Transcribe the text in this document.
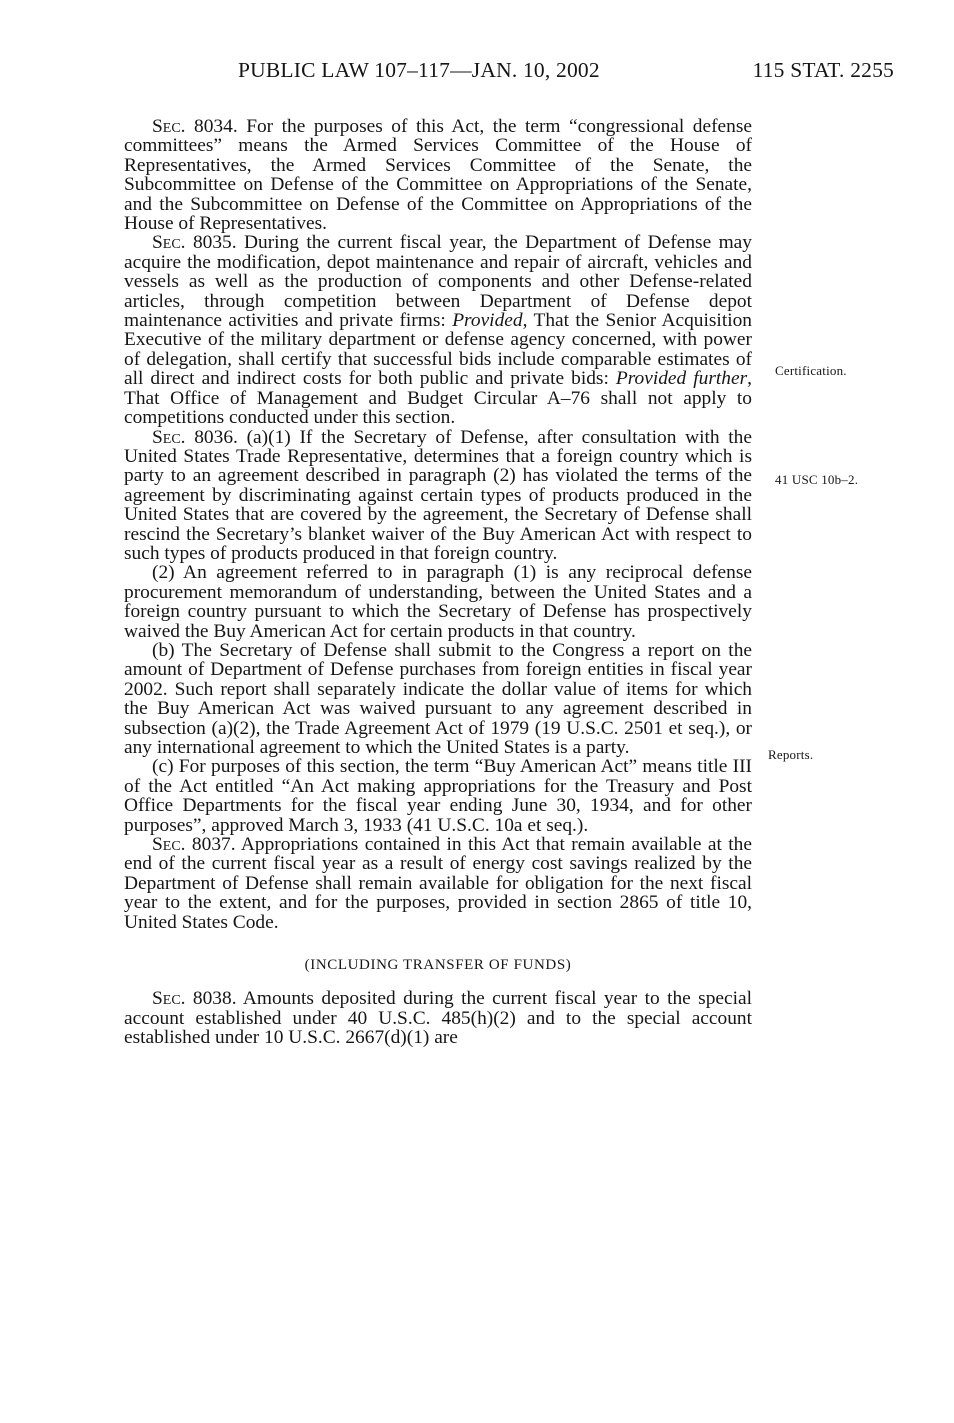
PUBLIC LAW 107–117—JAN. 10, 2002	115 STAT. 2255

Sec. 8034. For the purposes of this Act, the term “congressional defense committees” means the Armed Services Committee of the House of Representatives, the Armed Services Committee of the Senate, the Subcommittee on Defense of the Committee on Appropriations of the Senate, and the Subcommittee on Defense of the Committee on Appropriations of the House of Representatives.

Sec. 8035. During the current fiscal year, the Department of Defense may acquire the modification, depot maintenance and repair of aircraft, vehicles and vessels as well as the production of components and other Defense-related articles, through competition between Department of Defense depot maintenance activities and private firms: Provided, That the Senior Acquisition Executive of the military department or defense agency concerned, with power of delegation, shall certify that successful bids include comparable estimates of all direct and indirect costs for both public and private bids: Provided further, That Office of Management and Budget Circular A–76 shall not apply to competitions conducted under this section.

Sec. 8036. (a)(1) If the Secretary of Defense, after consultation with the United States Trade Representative, determines that a foreign country which is party to an agreement described in paragraph (2) has violated the terms of the agreement by discriminating against certain types of products produced in the United States that are covered by the agreement, the Secretary of Defense shall rescind the Secretary’s blanket waiver of the Buy American Act with respect to such types of products produced in that foreign country.

(2) An agreement referred to in paragraph (1) is any reciprocal defense procurement memorandum of understanding, between the United States and a foreign country pursuant to which the Secretary of Defense has prospectively waived the Buy American Act for certain products in that country.

(b) The Secretary of Defense shall submit to the Congress a report on the amount of Department of Defense purchases from foreign entities in fiscal year 2002. Such report shall separately indicate the dollar value of items for which the Buy American Act was waived pursuant to any agreement described in subsection (a)(2), the Trade Agreement Act of 1979 (19 U.S.C. 2501 et seq.), or any international agreement to which the United States is a party.

(c) For purposes of this section, the term “Buy American Act” means title III of the Act entitled “An Act making appropriations for the Treasury and Post Office Departments for the fiscal year ending June 30, 1934, and for other purposes”, approved March 3, 1933 (41 U.S.C. 10a et seq.).

Sec. 8037. Appropriations contained in this Act that remain available at the end of the current fiscal year as a result of energy cost savings realized by the Department of Defense shall remain available for obligation for the next fiscal year to the extent, and for the purposes, provided in section 2865 of title 10, United States Code.

(INCLUDING TRANSFER OF FUNDS)

Sec. 8038. Amounts deposited during the current fiscal year to the special account established under 40 U.S.C. 485(h)(2) and to the special account established under 10 U.S.C. 2667(d)(1) are

Certification.
41 USC 10b–2.
Reports.
